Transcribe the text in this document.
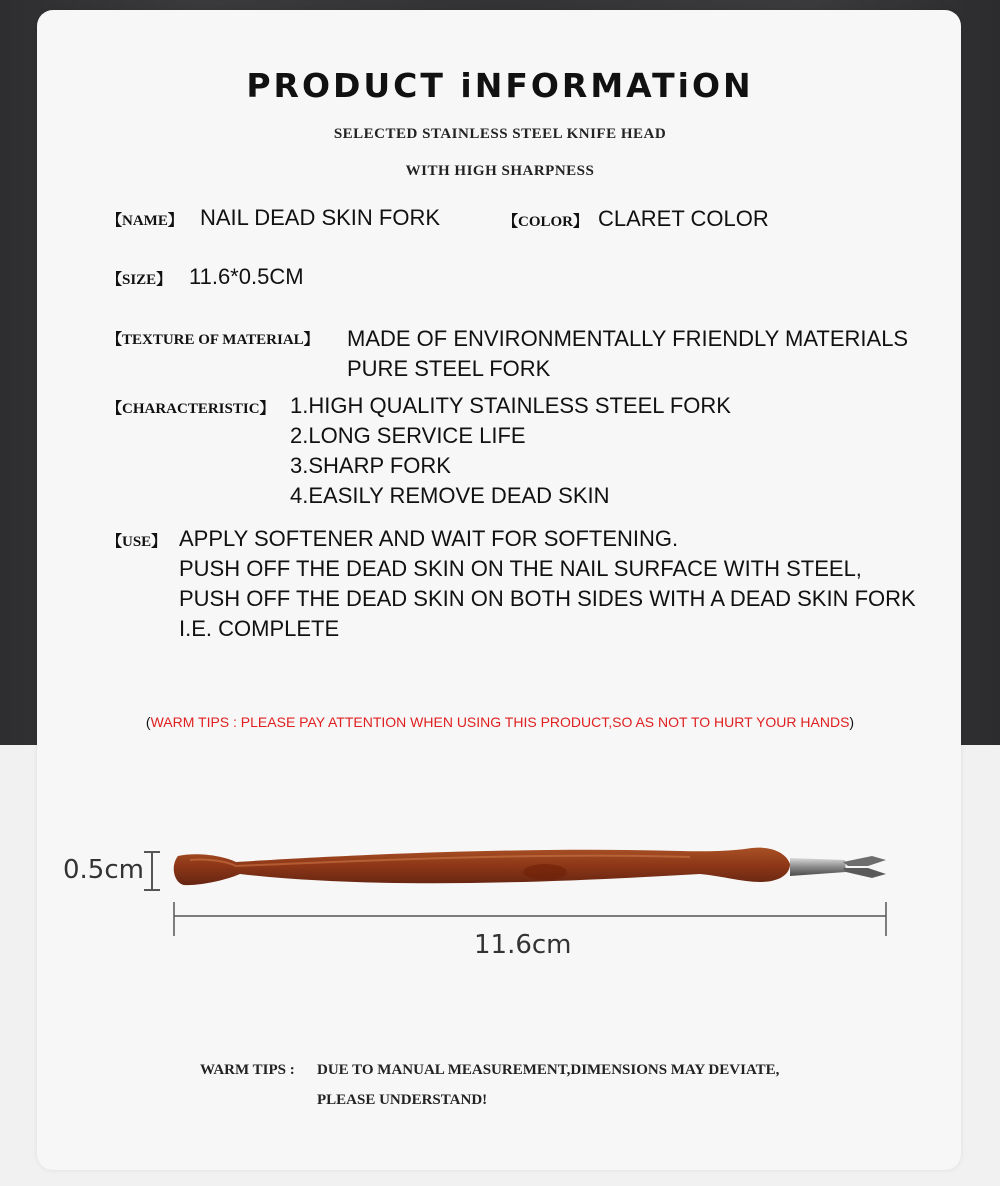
PRODUCT iNFORMATiON
SELECTED STAINLESS STEEL KNIFE HEAD
WITH HIGH SHARPNESS
【NAME】 NAIL DEAD SKIN FORK	【COLOR】 CLARET COLOR
【SIZE】 11.6*0.5CM
【TEXTURE OF MATERIAL】 MADE OF ENVIRONMENTALLY FRIENDLY MATERIALS
PURE STEEL FORK
【CHARACTERISTIC】 1.HIGH QUALITY STAINLESS STEEL FORK
2.LONG SERVICE LIFE
3.SHARP FORK
4.EASILY REMOVE DEAD SKIN
【USE】 APPLY SOFTENER AND WAIT FOR SOFTENING.
PUSH OFF THE DEAD SKIN ON THE NAIL SURFACE WITH STEEL,
PUSH OFF THE DEAD SKIN ON BOTH SIDES WITH A DEAD SKIN FORK
I.E. COMPLETE
(WARM TIPS : PLEASE PAY ATTENTION WHEN USING THIS PRODUCT,SO AS NOT TO HURT YOUR HANDS)
0.5cm
11.6cm
WARM TIPS : DUE TO MANUAL MEASUREMENT,DIMENSIONS MAY DEVIATE,
PLEASE UNDERSTAND!
